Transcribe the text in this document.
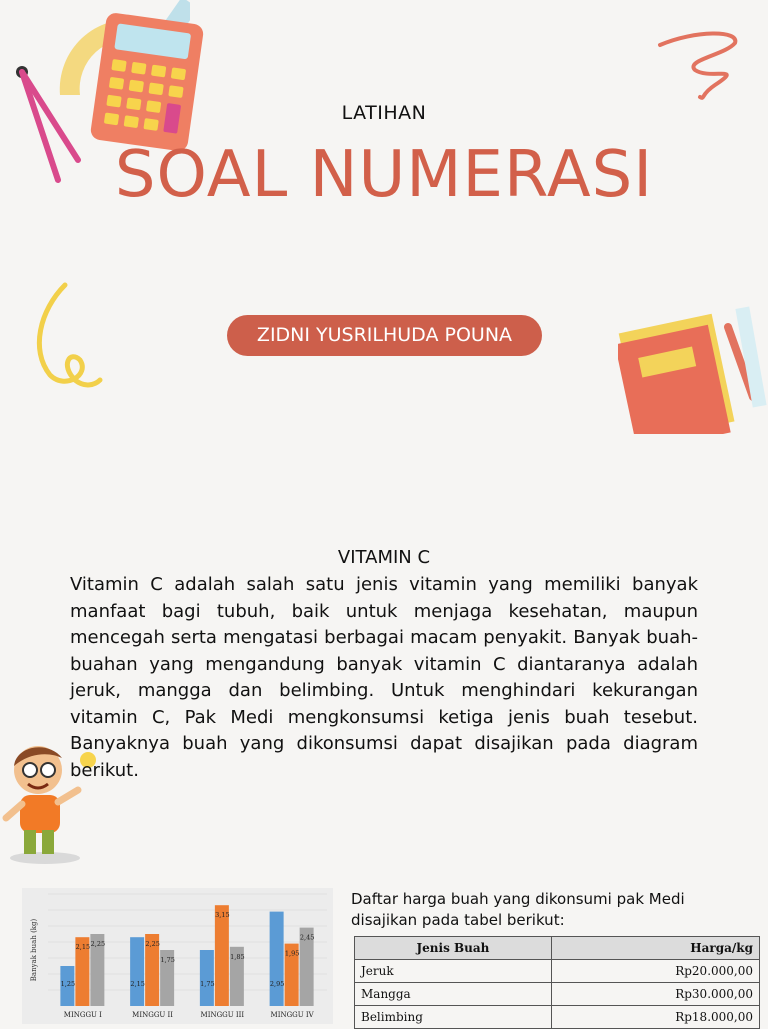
LATIHAN
SOAL NUMERASI
ZIDNI YUSRILHUDA POUNA
VITAMIN C
Vitamin C adalah salah satu jenis vitamin yang memiliki banyak manfaat bagi tubuh, baik untuk menjaga kesehatan, maupun mencegah serta mengatasi berbagai macam penyakit. Banyak buah-buahan yang mengandung banyak vitamin C diantaranya adalah jeruk, mangga dan belimbing. Untuk menghindari kekurangan vitamin C, Pak Medi mengkonsumsi ketiga jenis buah tesebut. Banyaknya buah yang dikonsumsi dapat disajikan pada diagram berikut.
Banyak buah (kg)
1,25
2,15 2,25
MINGGU I
2,15
2,25
1,75
MINGGU II
1,75
3,15
1,85
MINGGU III
2,95
1,95
2,45
MINGGU IV
Daftar harga buah yang dikonsumi pak Medi disajikan pada tabel berikut:
Jenis Buah	Harga/kg
Jeruk	Rp20.000,00
Mangga	Rp30.000,00
Belimbing	Rp18.000,00
